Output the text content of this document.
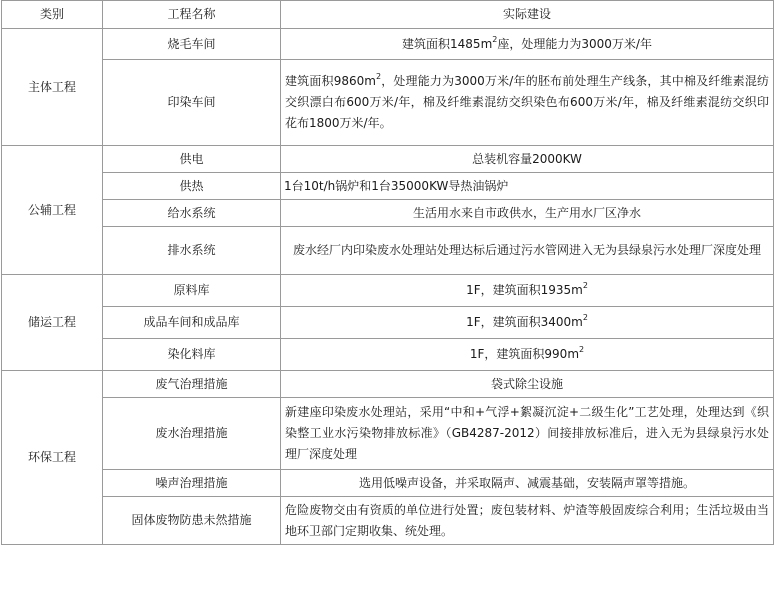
类别	工程名称	实际建设
主体工程	烧毛车间	建筑面积$1485m^2$座，处理能力为3000万米/年
	印染车间	建筑面积$9860m^2$，处理能力为3000万米/年的胚布前处理生产线条，其中棉及纤维素混纺交织漂白布600万米/年，棉及纤维素混纺交织染色布600万米/年，棉及纤维素混纺交织印花布1800万米/年。
公辅工程	供电	总装机容量2000KW
	供热	1台10t/h锅炉和1台35000KW导热油锅炉
	给水系统	生活用水来自市政供水，生产用水厂区净水
	排水系统	废水经厂内印染废水处理站处理达标后通过污水管网进入无为县绿泉污水处理厂深度处理
储运工程	原料库	1F，建筑面积$1935m^2$
	成品车间和成品库	1F，建筑面积$3400m^2$
	染化料库	1F，建筑面积$990m^2$
环保工程	废气治理措施	袋式除尘设施
	废水治理措施	新建座印染废水处理站，采用“中和+气浮+絮凝沉淀+二级生化”工艺处理，处理达到《织染整工业水污染物排放标准》（GB4287-2012）间接排放标准后，进入无为县绿泉污水处理厂深度处理
	噪声治理措施	选用低噪声设备，并采取隔声、减震基础，安装隔声罩等措施。
	固体废物防患未然措施	危险废物交由有资质的单位进行处置；废包装材料、炉渣等般固废综合利用；生活垃圾由当地环卫部门定期收集、统处理。
